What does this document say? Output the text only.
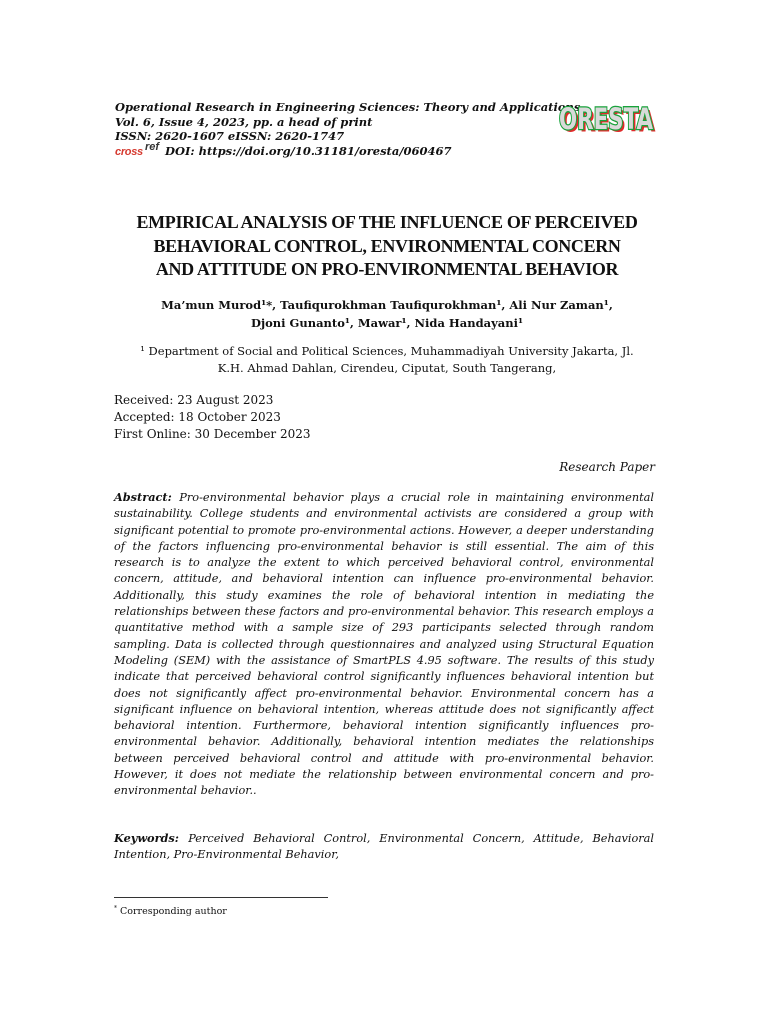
Operational Research in Engineering Sciences: Theory and Applications
Vol. 6, Issue 4, 2023, pp. a head of print
ISSN: 2620-1607 eISSN: 2620-1747
cross ref DOI: https://doi.org/10.31181/oresta/060467
ORESTA
ORESTA
EMPIRICAL ANALYSIS OF THE INFLUENCE OF PERCEIVED
BEHAVIORAL CONTROL, ENVIRONMENTAL CONCERN
AND ATTITUDE ON PRO-ENVIRONMENTAL BEHAVIOR
Ma’mun Murod¹*, Taufiqurokhman Taufiqurokhman¹, Ali Nur Zaman¹,
Djoni Gunanto¹, Mawar¹, Nida Handayani¹
¹ Department of Social and Political Sciences, Muhammadiyah University Jakarta, Jl.
K.H. Ahmad Dahlan, Cirendeu, Ciputat, South Tangerang,
Received: 23 August 2023
Accepted: 18 October 2023
First Online: 30 December 2023
Research Paper
Abstract: Pro-environmental behavior plays a crucial role in maintaining environmental sustainability. College students and environmental activists are considered a group with significant potential to promote pro-environmental actions. However, a deeper understanding of the factors influencing pro-environmental behavior is still essential. The aim of this research is to analyze the extent to which perceived behavioral control, environmental concern, attitude, and behavioral intention can influence pro-environmental behavior. Additionally, this study examines the role of behavioral intention in mediating the relationships between these factors and pro-environmental behavior. This research employs a quantitative method with a sample size of 293 participants selected through random sampling. Data is collected through questionnaires and analyzed using Structural Equation Modeling (SEM) with the assistance of SmartPLS 4.95 software. The results of this study indicate that perceived behavioral control significantly influences behavioral intention but does not significantly affect pro-environmental behavior. Environmental concern has a significant influence on behavioral intention, whereas attitude does not significantly affect behavioral intention. Furthermore, behavioral intention significantly influences pro-environmental behavior. Additionally, behavioral intention mediates the relationships between perceived behavioral control and attitude with pro-environmental behavior. However, it does not mediate the relationship between environmental concern and pro-environmental behavior..
Keywords: Perceived Behavioral Control, Environmental Concern, Attitude, Behavioral Intention, Pro-Environmental Behavior,
* Corresponding author
